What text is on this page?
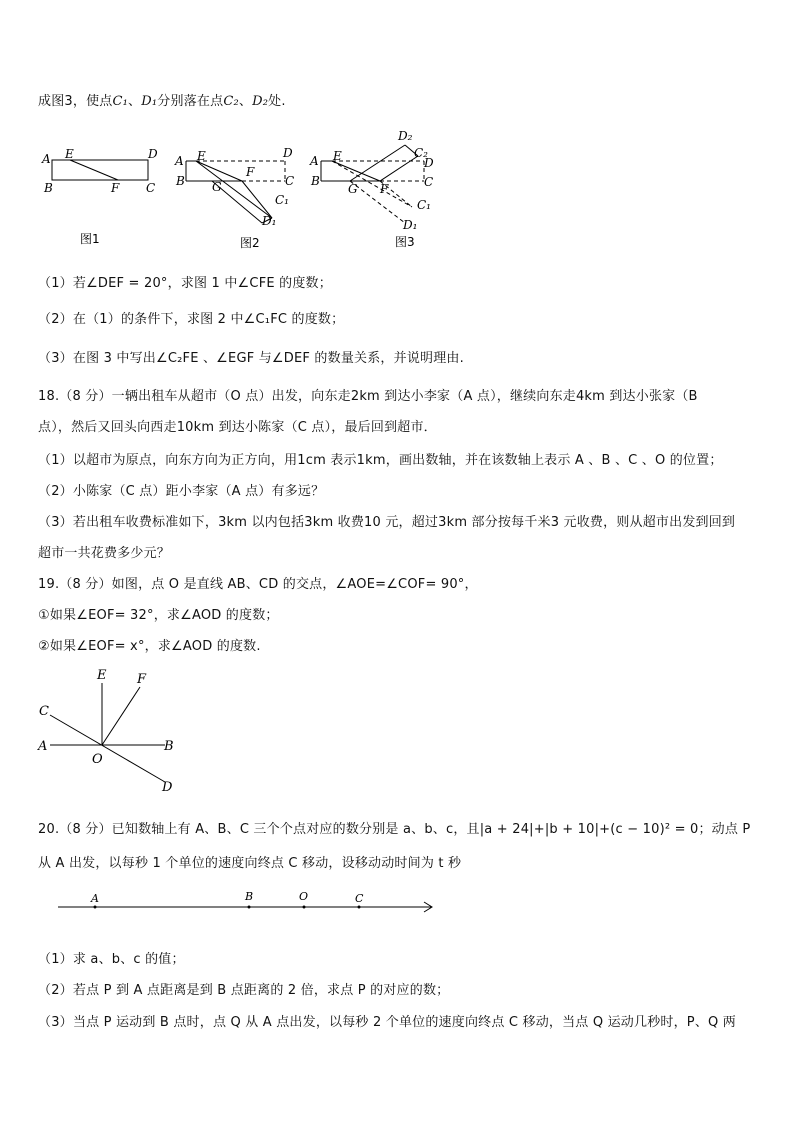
成图3，使点C₁、D₁分别落在点C₂、D₂处.
A E	D
B	F C
图1
A E	D
B G
F
C
C₁
D₁
图2
A E
D₂
C₂
D
B
G F	C
C₁
D₁
图3
（1）若∠DEF = 20°，求图 1 中∠CFE 的度数；
（2）在（1）的条件下，求图 2 中∠C₁FC 的度数；
（3）在图 3 中写出∠C₂FE 、∠EGF 与∠DEF 的数量关系，并说明理由.
18.（8 分）一辆出租车从超市（O 点）出发，向东走2km 到达小李家（A 点），继续向东走4km 到达小张家（B
点），然后又回头向西走10km 到达小陈家（C 点），最后回到超市．
（1）以超市为原点，向东方向为正方向，用1cm 表示1km，画出数轴，并在该数轴上表示 A 、B 、C 、O 的位置；
（2）小陈家（C 点）距小李家（A 点）有多远？
（3）若出租车收费标准如下，3km 以内包括3km 收费10 元，超过3km 部分按每千米3 元收费，则从超市出发到回到
超市一共花费多少元？
19.（8 分）如图，点 O 是直线 AB、CD 的交点，∠AOE=∠COF= 90°，
①如果∠EOF= 32°，求∠AOD 的度数；
②如果∠EOF= x°，求∠AOD 的度数.
C
E F
A
O
B
D
20.（8 分）已知数轴上有 A、B、C 三个个点对应的数分别是 a、b、c，且|a + 24|+|b + 10|+(c − 10)² = 0；动点 P
从 A 出发，以每秒 1 个单位的速度向终点 C 移动，设移动动时间为 t 秒
A	B	O	C
（1）求 a、b、c 的值；
（2）若点 P 到 A 点距离是到 B 点距离的 2 倍，求点 P 的对应的数；
（3）当点 P 运动到 B 点时，点 Q 从 A 点出发，以每秒 2 个单位的速度向终点 C 移动，当点 Q 运动几秒时，P、Q 两
